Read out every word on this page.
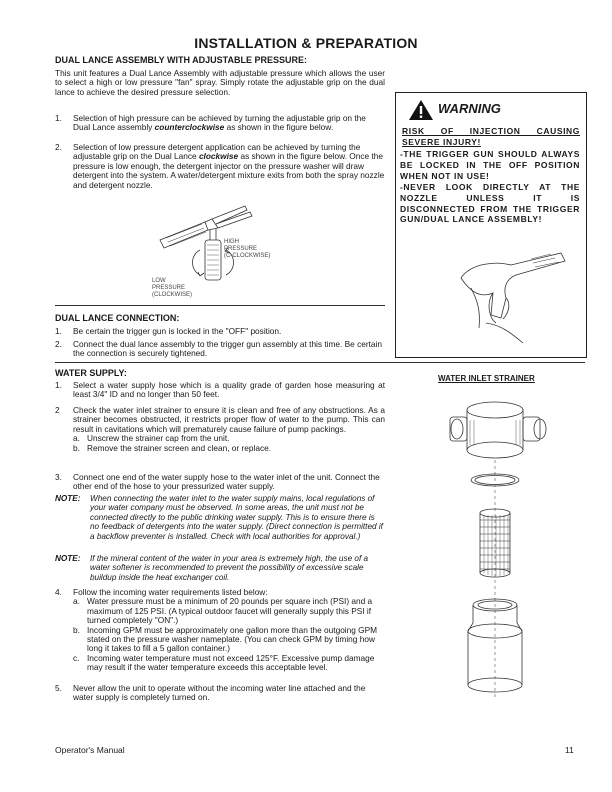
INSTALLATION & PREPARATION
DUAL LANCE ASSEMBLY WITH ADJUSTABLE PRESSURE:
This unit features a Dual Lance Assembly with adjustable pressure which allows the user to select a high or low pressure "fan" spray. Simply rotate the adjustable grip on the dual lance to achieve the desired pressure selection.
1. Selection of high pressure can be achieved by turning the adjustable grip on the Dual Lance assembly counterclockwise as shown in the figure below.
2. Selection of low pressure detergent application can be achieved by turning the adjustable grip on the Dual Lance clockwise as shown in the figure below. Once the pressure is low enough, the detergent injector on the pressure washer will draw detergent into the system. A water/detergent mixture exits from both the spray nozzle and detergent nozzle.
HIGH
PRESSURE
(C-CLOCKWISE)
LOW
PRESSURE
(CLOCKWISE)
WARNING
RISK OF INJECTION CAUSING SEVERE INJURY!
-THE TRIGGER GUN SHOULD ALWAYS BE LOCKED IN THE OFF POSITION WHEN NOT IN USE!
-NEVER LOOK DIRECTLY AT THE NOZZLE UNLESS IT IS DISCONNECTED FROM THE TRIGGER GUN/DUAL LANCE ASSEMBLY!
DUAL LANCE CONNECTION:
1. Be certain the trigger gun is locked in the "OFF" position.
2. Connect the dual lance assembly to the trigger gun assembly at this time. Be certain the connection is securely tightened.
WATER SUPPLY:
1. Select a water supply hose which is a quality grade of garden hose measuring at least 3/4" ID and no longer than 50 feet.
2 Check the water inlet strainer to ensure it is clean and free of any obstructions. As a strainer becomes obstructed, it restricts proper flow of water to the pump. This can result in cavitations which will prematurely cause failure of pump packings.
a. Unscrew the strainer cap from the unit.
b. Remove the strainer screen and clean, or replace.
3. Connect one end of the water supply hose to the water inlet of the unit. Connect the other end of the hose to your pressurized water supply.
NOTE: When connecting the water inlet to the water supply mains, local regulations of your water company must be observed. In some areas, the unit must not be connected directly to the public drinking water supply. This is to ensure there is no feedback of detergents into the water supply. (Direct connection is permitted if a backflow preventer is installed. Check with local authorities for approval.)
NOTE: If the mineral content of the water in your area is extremely high, the use of a water softener is recommended to prevent the possibility of excessive scale buildup inside the heat exchanger coil.
4. Follow the incoming water requirements listed below:
a. Water pressure must be a minimum of 20 pounds per square inch (PSI) and a maximum of 125 PSI. (A typical outdoor faucet will generally supply this PSI if turned completely "ON".)
b. Incoming GPM must be approximately one gallon more than the outgoing GPM stated on the pressure washer nameplate. (You can check GPM by timing how long it takes to fill a 5 gallon container.)
c. Incoming water temperature must not exceed 125°F. Excessive pump damage may result if the water temperature exceeds this acceptable level.
5. Never allow the unit to operate without the incoming water line attached and the water supply is completely turned on.
WATER INLET STRAINER
Operator's Manual	11
